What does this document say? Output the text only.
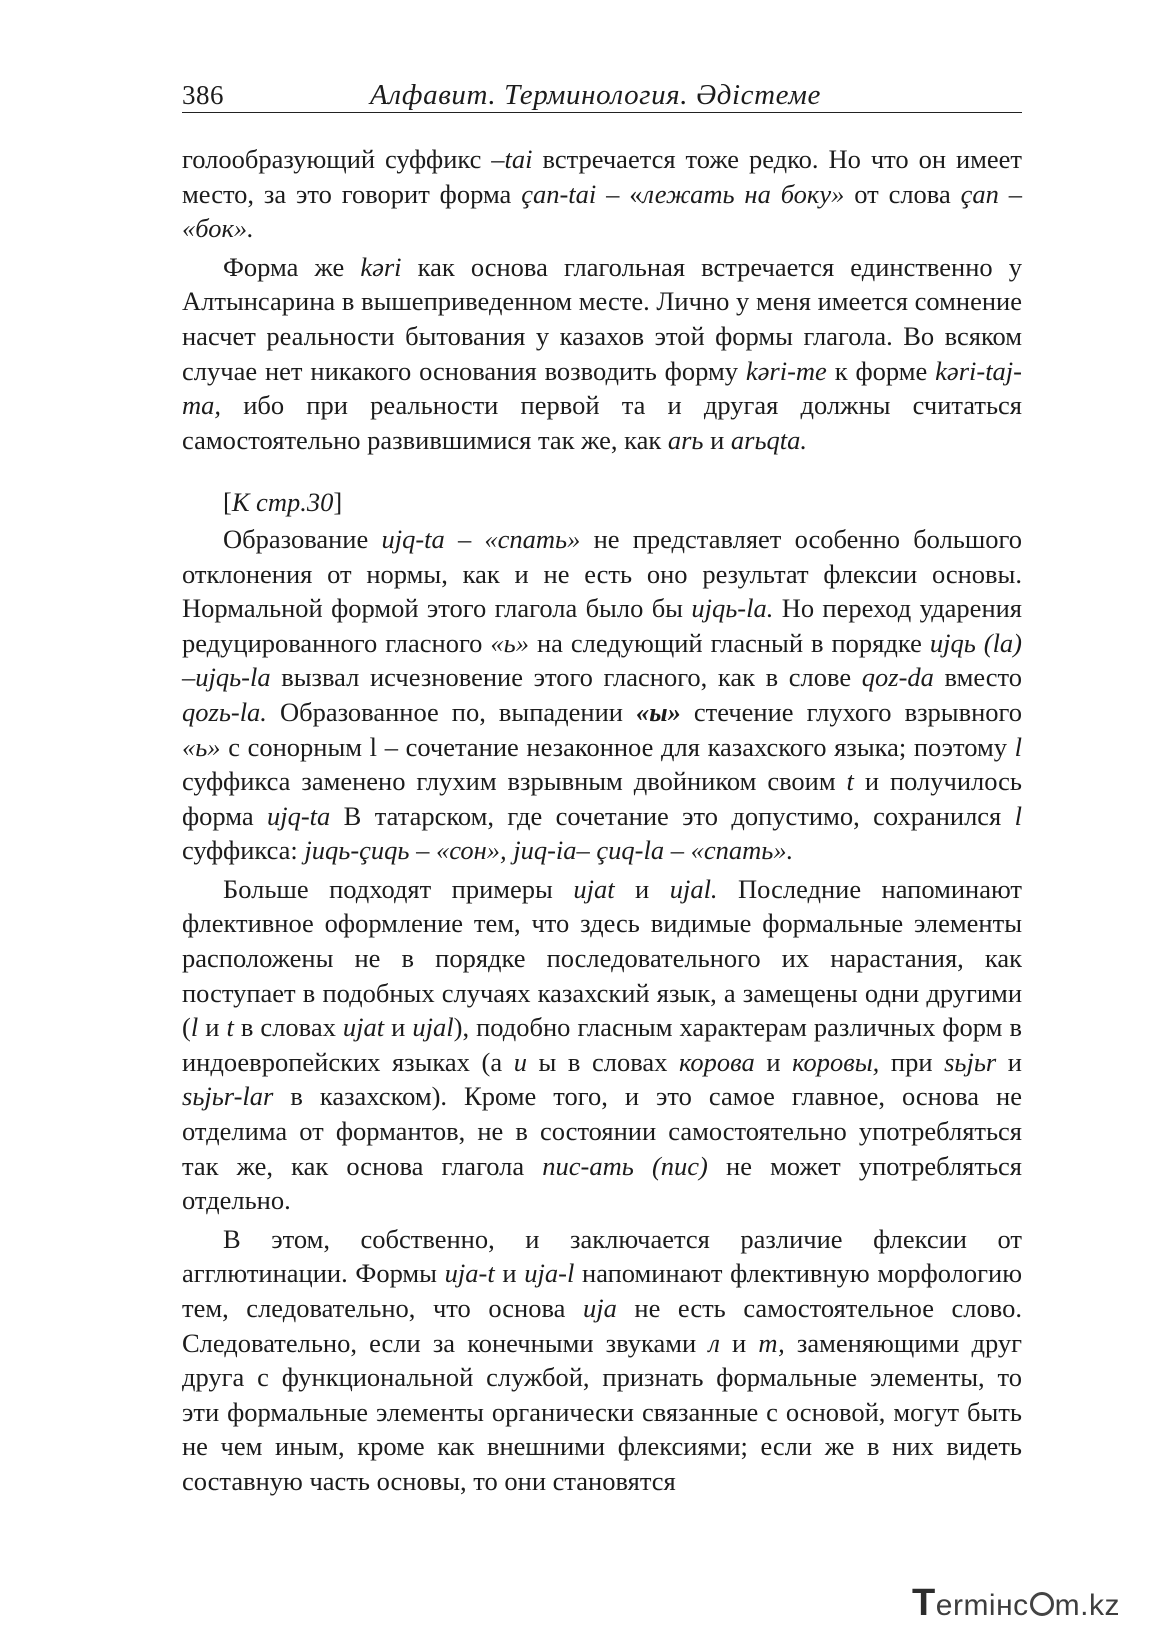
386	Алфавит. Терминология. Әдістеме

голообразующий суффикс –tai встречается тоже редко. Но что он имеет место, за это говорит форма çan-tai – «лежать на боку» от слова çan – «бок».

Форма же kəri как основа глагольная встречается единственно у Алтынсарина в вышеприведенном месте. Лично у меня имеется сомнение насчет реальности бытования у казахов этой формы глагола. Во всяком случае нет никакого основания возводить форму kəri-me к форме kəri-taj-ma, ибо при реальности первой та и другая должны считаться самостоятельно развившимися так же, как arь и arьqta.

[К стр.30]

Образование ujq-ta – «спать» не представляет особенно большого отклонения от нормы, как и не есть оно результат флексии основы. Нормальной формой этого глагола было бы ujqь-la. Но переход ударения редуцированного гласного «ь» на следующий гласный в порядке ujqь (la) –ujqь-la вызвал исчезновение этого гласного, как в слове qoz-da вместо qozь-la. Образованное по, выпадении «ы» стечение глухого взрывного «ь» с сонорным l – сочетание незаконное для казахского языка; поэтому l суффикса заменено глухим взрывным двойником своим t и получилось форма ujq-ta В татарском, где сочетание это допустимо, сохранился l суффикса: juqь-çuqь – «сон», juq-ia– çuq-la – «спать».

Больше подходят примеры ujat и ujal. Последние напоминают флективное оформление тем, что здесь видимые формальные элементы расположены не в порядке последовательного их нарастания, как поступает в подобных случаях казахский язык, а замещены одни другими (l и t в словах ujat и ujal), подобно гласным характерам различных форм в индоевропейских языках (а и ы в словах корова и коровы, при sьjьr и sьjьr-lar в казахском). Кроме того, и это самое главное, основа не отделима от формантов, не в состоянии самостоятельно употребляться так же, как основа глагола пис-ать (пис) не может употребляться отдельно.

В этом, собственно, и заключается различие флексии от агглютинации. Формы uja-t и uja-l напоминают флективную морфологию тем, следовательно, что основа uja не есть самостоятельное слово. Следовательно, если за конечными звуками л и т, заменяющими друг друга с функциональной службой, признать формальные элементы, то эти формальные элементы органически связанные с основой, могут быть не чем иным, кроме как внешними флексиями; если же в них видеть составную часть основы, то они становятся

Termінc m.kz
